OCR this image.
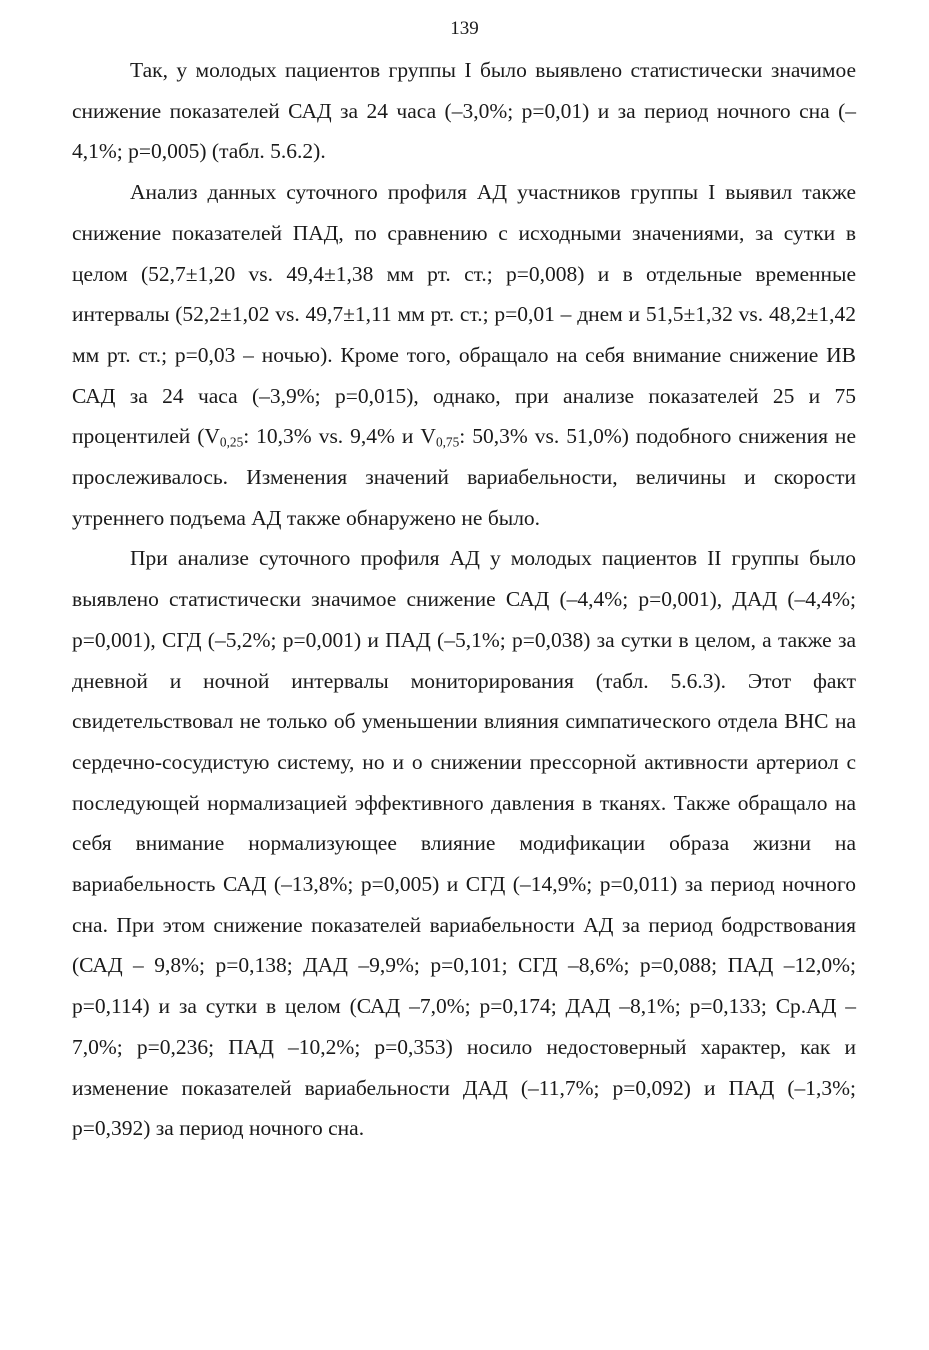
139

Так, у молодых пациентов группы I было выявлено статистически значимое снижение показателей САД за 24 часа (–3,0%; p=0,01) и за период ночного сна (–4,1%; p=0,005) (табл. 5.6.2).

Анализ данных суточного профиля АД участников группы I выявил также снижение показателей ПАД, по сравнению с исходными значениями, за сутки в целом (52,7±1,20 vs. 49,4±1,38 мм рт. ст.; p=0,008) и в отдельные временные интервалы (52,2±1,02 vs. 49,7±1,11 мм рт. ст.; p=0,01 – днем и 51,5±1,32 vs. 48,2±1,42 мм рт. ст.; p=0,03 – ночью). Кроме того, обращало на себя внимание снижение ИВ САД за 24 часа (–3,9%; p=0,015), однако, при анализе показателей 25 и 75 процентилей ($V_{0,25}$: 10,3% vs. 9,4% и $V_{0,75}$: 50,3% vs. 51,0%) подобного снижения не прослеживалось. Изменения значений вариабельности, величины и скорости утреннего подъема АД также обнаружено не было.

При анализе суточного профиля АД у молодых пациентов II группы было выявлено статистически значимое снижение САД (–4,4%; p=0,001), ДАД (–4,4%; p=0,001), СГД (–5,2%; p=0,001) и ПАД (–5,1%; p=0,038) за сутки в целом, а также за дневной и ночной интервалы мониторирования (табл. 5.6.3). Этот факт свидетельствовал не только об уменьшении влияния симпатического отдела ВНС на сердечно-сосудистую систему, но и о снижении прессорной активности артериол с последующей нормализацией эффективного давления в тканях. Также обращало на себя внимание нормализующее влияние модификации образа жизни на вариабельность САД (–13,8%; p=0,005) и СГД (–14,9%; p=0,011) за период ночного сна. При этом снижение показателей вариабельности АД за период бодрствования (САД – 9,8%; p=0,138; ДАД –9,9%; p=0,101; СГД –8,6%; p=0,088; ПАД –12,0%; p=0,114) и за сутки в целом (САД –7,0%; p=0,174; ДАД –8,1%; p=0,133; Ср.АД –7,0%; p=0,236; ПАД –10,2%; p=0,353) носило недостоверный характер, как и изменение показателей вариабельности ДАД (–11,7%; p=0,092) и ПАД (–1,3%; p=0,392) за период ночного сна.
